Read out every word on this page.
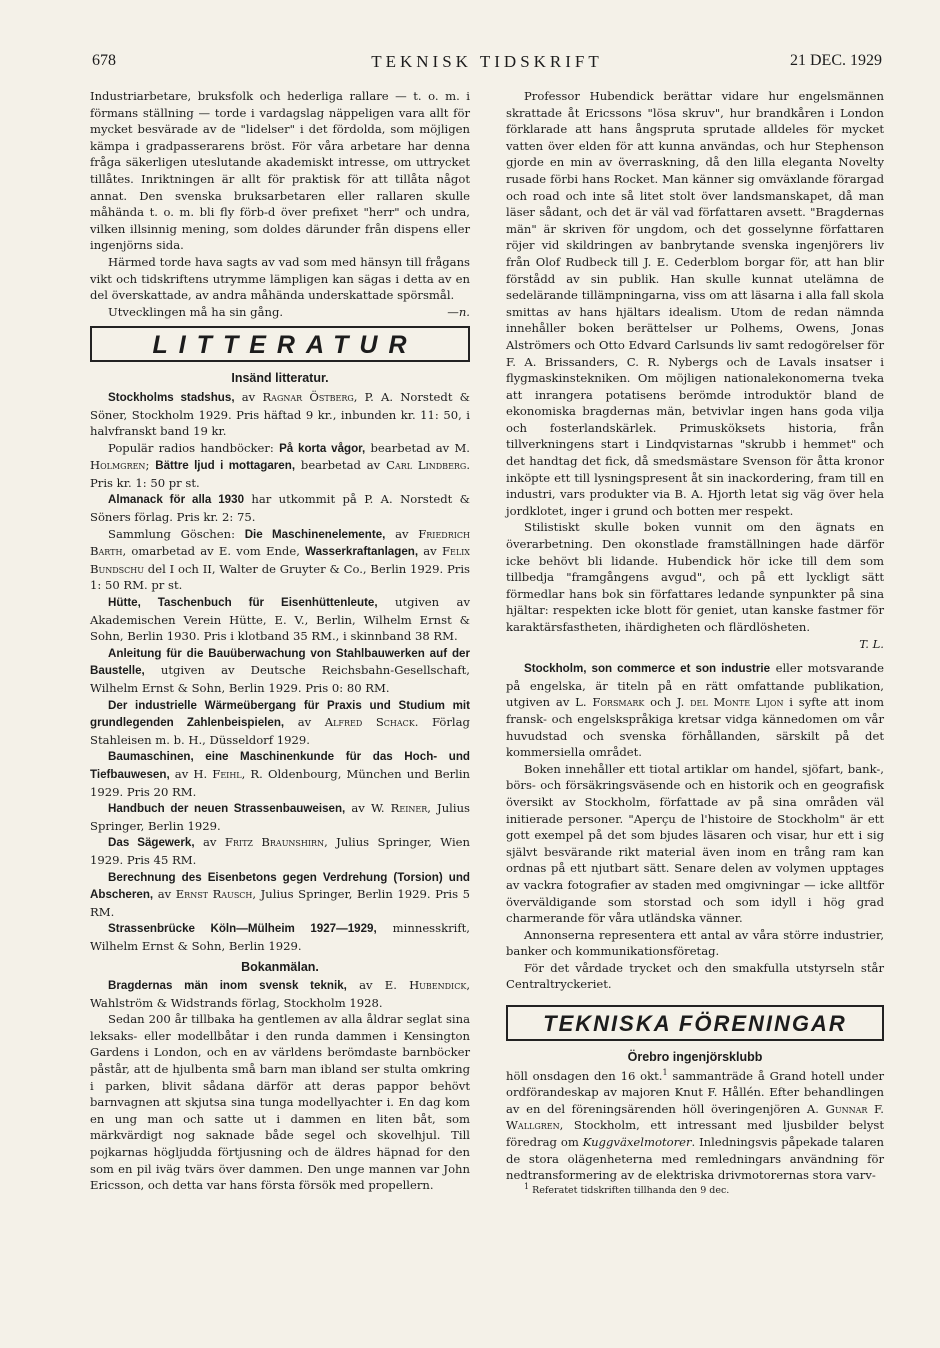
678	TEKNISK TIDSKRIFT	21 DEC. 1929

Industriarbetare, bruksfolk och hederliga rallare — t. o. m. i förmans ställning — torde i vardagslag näppeligen vara allt för mycket besvärade av de "lidelser" i det fördolda, som möjligen kämpa i gradpasserarens bröst. För våra arbetare har denna fråga säkerligen uteslutande akademiskt intresse, om uttrycket tillåtes. Inriktningen är allt för praktisk för att tillåta något annat. Den svenska bruksarbetaren eller rallaren skulle måhända t. o. m. bli fly förb-d över prefixet "herr" och undra, vilken illsinnig mening, som doldes därunder från dispens eller ingenjörns sida.

Härmed torde hava sagts av vad som med hänsyn till frågans vikt och tidskriftens utrymme lämpligen kan sägas i detta av en del överskattade, av andra måhända underskattade spörsmål.

Utvecklingen må ha sin gång.	—n.

LITTERATUR
Insänd litteratur.

Stockholms stadshus, av Ragnar Östberg, P. A. Norstedt & Söner, Stockholm 1929. Pris häftad 9 kr., inbunden kr. 11: 50, i halvfranskt band 19 kr.

Populär radios handböcker: På korta vågor, bearbetad av M. Holmgren; Bättre ljud i mottagaren, bearbetad av Carl Lindberg. Pris kr. 1: 50 pr st.

Almanack för alla 1930 har utkommit på P. A. Norstedt & Söners förlag. Pris kr. 2: 75.

Sammlung Göschen: Die Maschinenelemente, av Friedrich Barth, omarbetad av E. vom Ende, Wasserkraftanlagen, av Felix Bundschu del I och II, Walter de Gruyter & Co., Berlin 1929. Pris 1: 50 RM. pr st.

Hütte, Taschenbuch für Eisenhüttenleute, utgiven av Akademischen Verein Hütte, E. V., Berlin, Wilhelm Ernst & Sohn, Berlin 1930. Pris i klotband 35 RM., i skinnband 38 RM.

Anleitung für die Bauüberwachung von Stahlbauwerken auf der Baustelle, utgiven av Deutsche Reichsbahn-Gesellschaft, Wilhelm Ernst & Sohn, Berlin 1929. Pris 0: 80 RM.

Der industrielle Wärmeübergang für Praxis und Studium mit grundlegenden Zahlenbeispielen, av Alfred Schack. Förlag Stahleisen m. b. H., Düsseldorf 1929.

Baumaschinen, eine Maschinenkunde für das Hoch- und Tiefbauwesen, av H. Feihl, R. Oldenbourg, München und Berlin 1929. Pris 20 RM.

Handbuch der neuen Strassenbauweisen, av W. Reiner, Julius Springer, Berlin 1929.

Das Sägewerk, av Fritz Braunshirn, Julius Springer, Wien 1929. Pris 45 RM.

Berechnung des Eisenbetons gegen Verdrehung (Torsion) und Abscheren, av Ernst Rausch, Julius Springer, Berlin 1929. Pris 5 RM.

Strassenbrücke Köln—Mülheim 1927—1929, minnesskrift, Wilhelm Ernst & Sohn, Berlin 1929.

Bokanmälan.

Bragdernas män inom svensk teknik, av E. Hubendick, Wahlström & Widstrands förlag, Stockholm 1928.

Sedan 200 år tillbaka ha gentlemen av alla åldrar seglat sina leksaks- eller modellbåtar i den runda dammen i Kensington Gardens i London, och en av världens berömdaste barnböcker påstår, att de hjulbenta små barn man ibland ser stulta omkring i parken, blivit sådana därför att deras pappor behövt barnvagnen att skjutsa sina tunga modellyachter i. En dag kom en ung man och satte ut i dammen en liten båt, som märkvärdigt nog saknade både segel och skovelhjul. Till pojkarnas högljudda förtjusning och de äldres häpnad for den som en pil iväg tvärs över dammen. Den unge mannen var John Ericsson, och detta var hans första försök med propellern.

Professor Hubendick berättar vidare hur engelsmännen skrattade åt Ericssons "lösa skruv", hur brandkåren i London förklarade att hans ångspruta sprutade alldeles för mycket vatten över elden för att kunna användas, och hur Stephenson gjorde en min av överraskning, då den lilla eleganta Novelty rusade förbi hans Rocket. Man känner sig omväxlande förargad och road och inte så litet stolt över landsmanskapet, då man läser sådant, och det är väl vad författaren avsett. "Bragdernas män" är skriven för ungdom, och det gosselynne författaren röjer vid skildringen av banbrytande svenska ingenjörers liv från Olof Rudbeck till J. E. Cederblom borgar för, att han blir förstådd av sin publik. Han skulle kunnat utelämna de sedelärande tillämpningarna, viss om att läsarna i alla fall skola smittas av hans hjältars idealism. Utom de redan nämnda innehåller boken berättelser ur Polhems, Owens, Jonas Alströmers och Otto Edvard Carlsunds liv samt redogörelser för F. A. Brissanders, C. R. Nybergs och de Lavals insatser i flygmaskinstekniken. Om möjligen nationalekonomerna tveka att inrangera potatisens berömde introduktör bland de ekonomiska bragdernas män, betvivlar ingen hans goda vilja och fosterlandskärlek. Primusköksets historia, från tillverkningens start i Lindqvistarnas "skrubb i hemmet" och det handtag det fick, då smedsmästare Svenson för åtta kronor inköpte ett till lysningspresent åt sin inackordering, fram till en industri, vars produkter via B. A. Hjorth letat sig väg över hela jordklotet, inger i grund och botten mer respekt.

Stilistiskt skulle boken vunnit om den ägnats en överarbetning. Den okonstlade framställningen hade därför icke behövt bli lidande. Hubendick hör icke till dem som tillbedja "framgångens avgud", och på ett lyckligt sätt förmedlar hans bok sin författares ledande synpunkter på sina hjältar: respekten icke blott för geniet, utan kanske fastmer för karaktärsfastheten, ihärdigheten och flärdlösheten.

T. L.

Stockholm, son commerce et son industrie eller motsvarande på engelska, är titeln på en rätt omfattande publikation, utgiven av L. Forsmark och J. del Monte Lijon i syfte att inom fransk- och engelskspråkiga kretsar vidga kännedomen om vår huvudstad och svenska förhållanden, särskilt på det kommersiella området.

Boken innehåller ett tiotal artiklar om handel, sjöfart, bank-, börs- och försäkringsväsende och en historik och en geografisk översikt av Stockholm, författade av på sina områden väl initierade personer. "Aperçu de l'histoire de Stockholm" är ett gott exempel på det som bjudes läsaren och visar, hur ett i sig självt besvärande rikt material även inom en trång ram kan ordnas på ett njutbart sätt. Senare delen av volymen upptages av vackra fotografier av staden med omgivningar — icke alltför överväldigande som storstad och som idyll i hög grad charmerande för våra utländska vänner.

Annonserna representera ett antal av våra större industrier, banker och kommunikationsföretag.

För det vårdade trycket och den smakfulla utstyrseln står Centraltryckeriet.

TEKNISKA FÖRENINGAR
Örebro ingenjörsklubb

höll onsdagen den 16 okt.$^1$ sammanträde å Grand hotell under ordförandeskap av majoren Knut F. Hållén. Efter behandlingen av en del föreningsärenden höll överingenjören A. Gunnar F. Wallgren, Stockholm, ett intressant med ljusbilder belyst föredrag om Kuggväxelmotorer. Inledningsvis påpekade talaren de stora olägenheterna med remledningars användning för nedtransformering av de elektriska drivmotorernas stora varv-

$^1$ Referatet tidskriften tillhanda den 9 dec.
